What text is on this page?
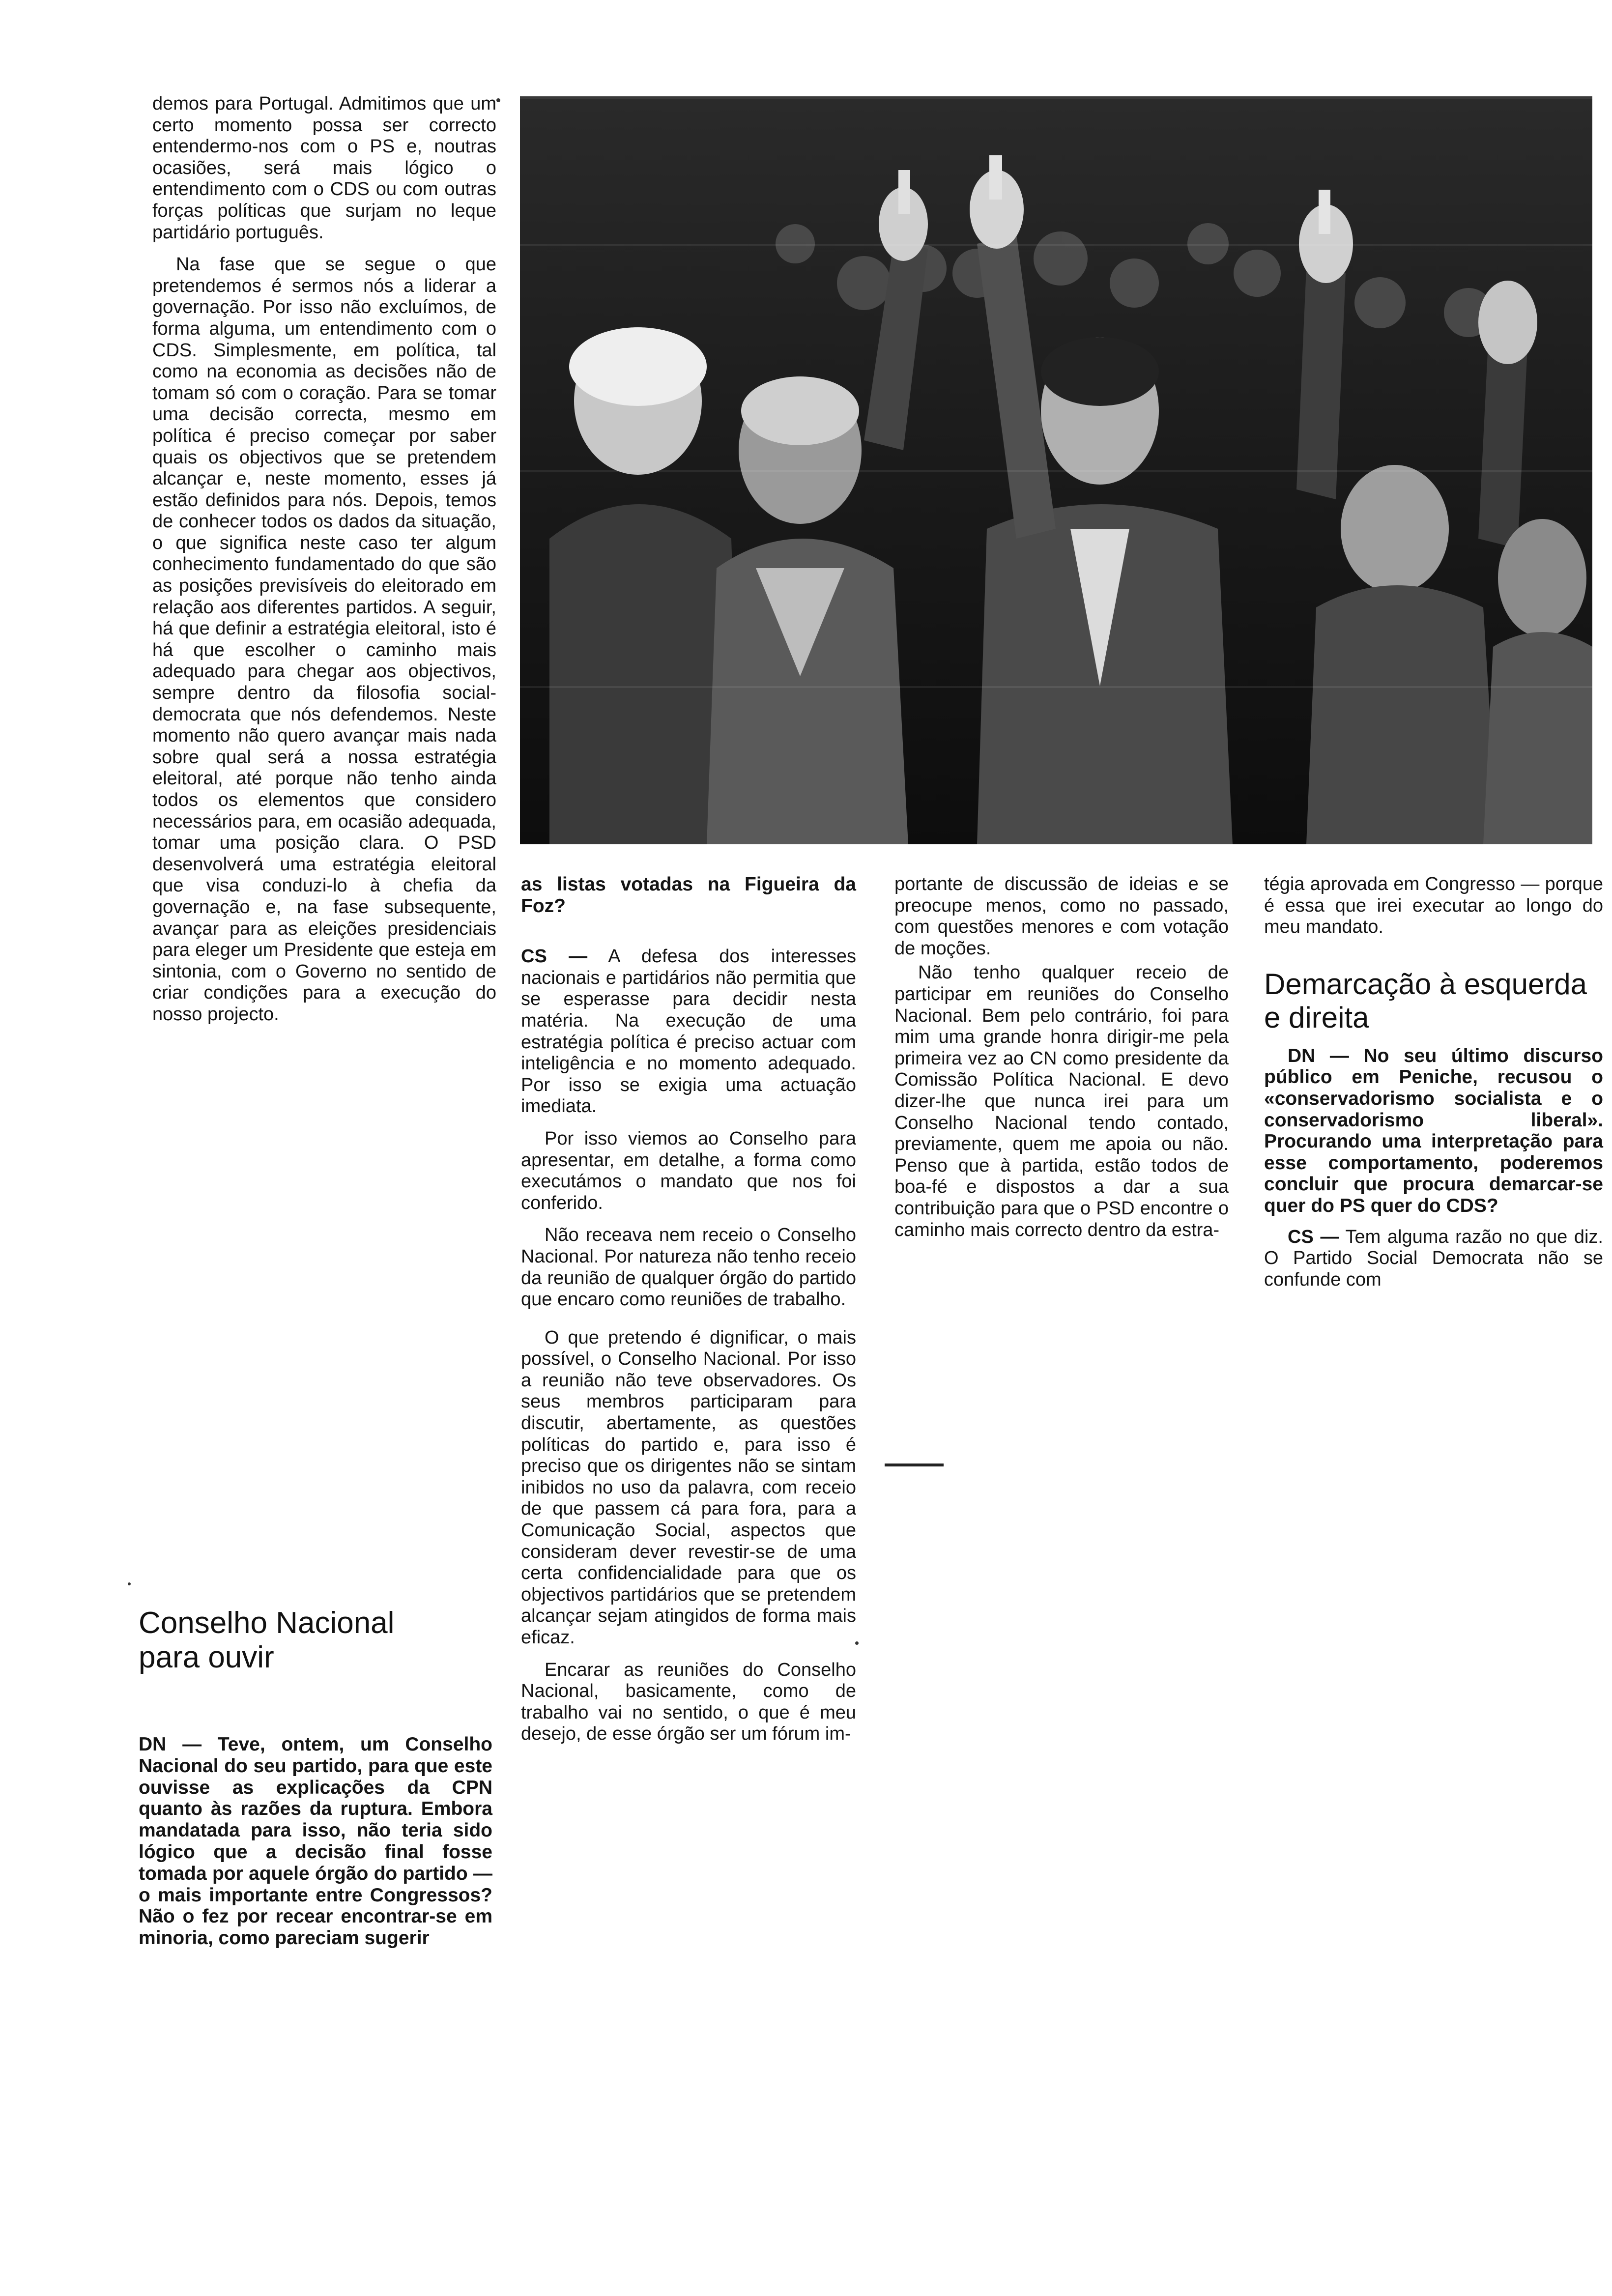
demos para Portugal. Admitimos que um certo momento possa ser correcto entendermo-nos com o PS e, noutras ocasiões, será mais lógico o entendimento com o CDS ou com outras forças políticas que surjam no leque partidário português.

Na fase que se segue o que pretendemos é sermos nós a liderar a governação. Por isso não excluímos, de forma alguma, um entendimento com o CDS. Simplesmente, em política, tal como na economia as decisões não de tomam só com o coração. Para se tomar uma decisão correcta, mesmo em política é preciso começar por saber quais os objectivos que se pretendem alcançar e, neste momento, esses já estão definidos para nós. Depois, temos de conhecer todos os dados da situação, o que significa neste caso ter algum conhecimento fundamentado do que são as posições previsíveis do eleitorado em relação aos diferentes partidos. A seguir, há que definir a estratégia eleitoral, isto é há que escolher o caminho mais adequado para chegar aos objectivos, sempre dentro da filosofia social-democrata que nós defendemos. Neste momento não quero avançar mais nada sobre qual será a nossa estratégia eleitoral, até porque não tenho ainda todos os elementos que considero necessários para, em ocasião adequada, tomar uma posição clara. O PSD desenvolverá uma estratégia eleitoral que visa conduzi-lo à chefia da governação e, na fase subsequente, avançar para as eleições presidenciais para eleger um Presidente que esteja em sintonia, com o Governo no sentido de criar condições para a execução do nosso projecto.

Conselho Nacional para ouvir

DN — Teve, ontem, um Conselho Nacional do seu partido, para que este ouvisse as explicações da CPN quanto às razões da ruptura. Embora mandatada para isso, não teria sido lógico que a decisão final fosse tomada por aquele órgão do partido — o mais importante entre Congressos? Não o fez por recear encontrar-se em minoria, como pareciam sugerir

as listas votadas na Figueira da Foz?

CS — A defesa dos interesses nacionais e partidários não permitia que se esperasse para decidir nesta matéria. Na execução de uma estratégia política é preciso actuar com inteligência e no momento adequado. Por isso se exigia uma actuação imediata.

Por isso viemos ao Conselho para apresentar, em detalhe, a forma como executámos o mandato que nos foi conferido.

Não receava nem receio o Conselho Nacional. Por natureza não tenho receio da reunião de qualquer órgão do partido que encaro como reuniões de trabalho.

O que pretendo é dignificar, o mais possível, o Conselho Nacional. Por isso a reunião não teve observadores. Os seus membros participaram para discutir, abertamente, as questões políticas do partido e, para isso é preciso que os dirigentes não se sintam inibidos no uso da palavra, com receio de que passem cá para fora, para a Comunicação Social, aspectos que consideram dever revestir-se de uma certa confidencialidade para que os objectivos partidários que se pretendem alcançar sejam atingidos de forma mais eficaz.

Encarar as reuniões do Conselho Nacional, basicamente, como de trabalho vai no sentido, o que é meu desejo, de esse órgão ser um fórum im-

portante de discussão de ideias e se preocupe menos, como no passado, com questões menores e com votação de moções.

Não tenho qualquer receio de participar em reuniões do Conselho Nacional. Bem pelo contrário, foi para mim uma grande honra dirigir-me pela primeira vez ao CN como presidente da Comissão Política Nacional. E devo dizer-lhe que nunca irei para um Conselho Nacional tendo contado, previamente, quem me apoia ou não. Penso que à partida, estão todos de boa-fé e dispostos a dar a sua contribuição para que o PSD encontre o caminho mais correcto dentro da estra-

tégia aprovada em Congresso — porque é essa que irei executar ao longo do meu mandato.

Demarcação à esquerda e direita

DN — No seu último discurso público em Peniche, recusou o «conservadorismo socialista e o conservadorismo liberal». Procurando uma interpretação para esse comportamento, poderemos concluir que procura demarcar-se quer do PS quer do CDS?

CS — Tem alguma razão no que diz. O Partido Social Democrata não se confunde com
